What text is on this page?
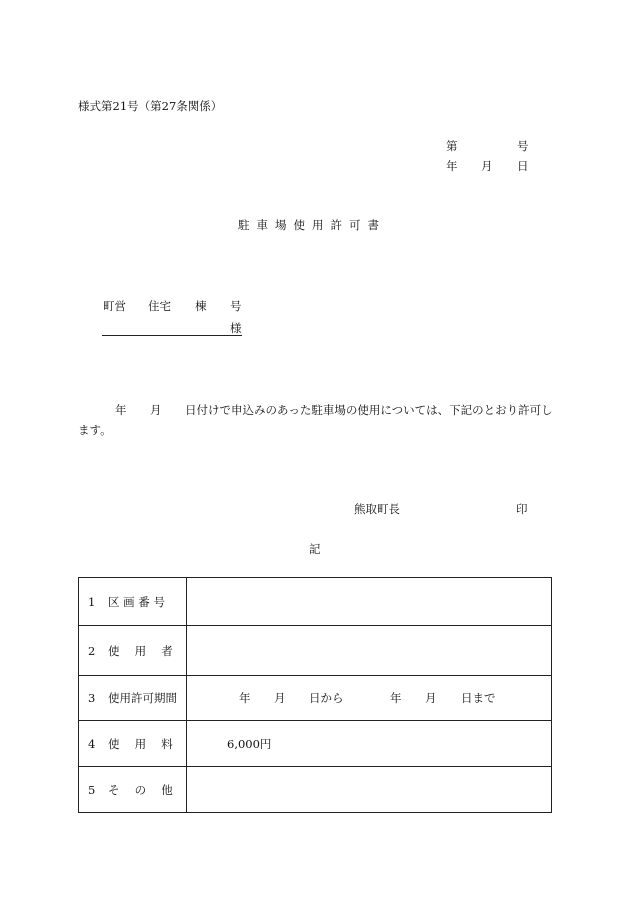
様式第21号（第27条関係）
第	号
年 月 日
駐車場使用許可書
町営 住宅 棟 号
様
年 月 日付けで申込みのあった駐車場の使用については、下記のとおり許可し
ます。
熊取町長	印
記
1 区 画 番 号
2 使　 用　 者
3 使用許可期間	年 月 日から	年 月 日まで
4 使　 用　 料	6,000円
5 そ　 の　 他
